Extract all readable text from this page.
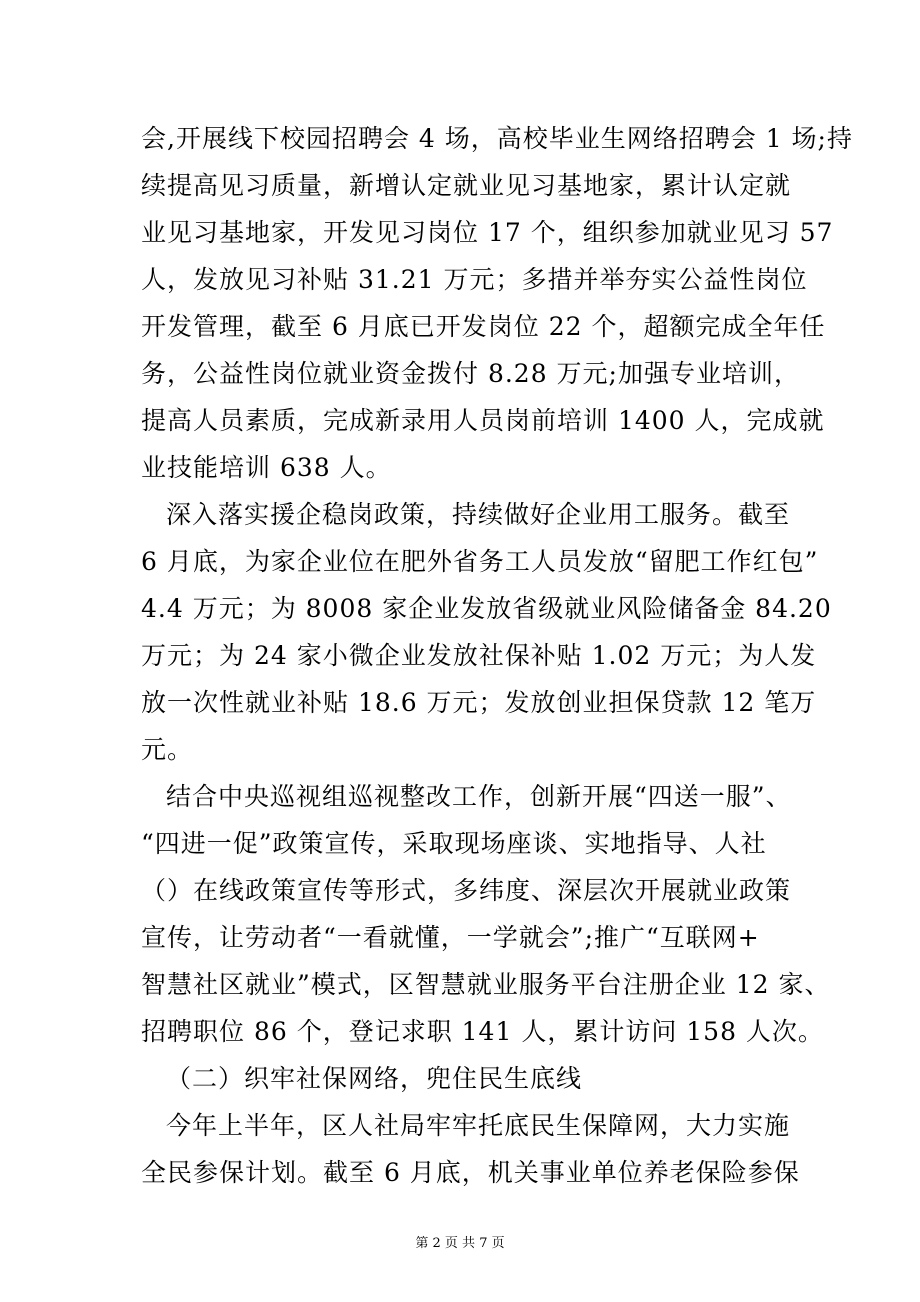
会,开展线下校园招聘会 4 场，高校毕业生网络招聘会 1 场;持
续提高见习质量，新增认定就业见习基地家，累计认定就
业见习基地家，开发见习岗位 17 个，组织参加就业见习 57
人，发放见习补贴 31.21 万元；多措并举夯实公益性岗位
开发管理，截至 6 月底已开发岗位 22 个，超额完成全年任
务，公益性岗位就业资金拨付 8.28 万元;加强专业培训，
提高人员素质，完成新录用人员岗前培训 1400 人，完成就
业技能培训 638 人。
深入落实援企稳岗政策，持续做好企业用工服务。截至
6 月底，为家企业位在肥外省务工人员发放“留肥工作红包”
4.4 万元；为 8008 家企业发放省级就业风险储备金 84.20
万元；为 24 家小微企业发放社保补贴 1.02 万元；为人发
放一次性就业补贴 18.6 万元；发放创业担保贷款 12 笔万
元。
结合中央巡视组巡视整改工作，创新开展“四送一服”、
“四进一促”政策宣传，采取现场座谈、实地指导、人社
（）在线政策宣传等形式，多纬度、深层次开展就业政策
宣传，让劳动者“一看就懂，一学就会”;推广“互联网+
智慧社区就业”模式，区智慧就业服务平台注册企业 12 家、
招聘职位 86 个，登记求职 141 人，累计访问 158 人次。
（二）织牢社保网络，兜住民生底线
今年上半年，区人社局牢牢托底民生保障网，大力实施
全民参保计划。截至 6 月底，机关事业单位养老保险参保
第 2 页 共 7 页
